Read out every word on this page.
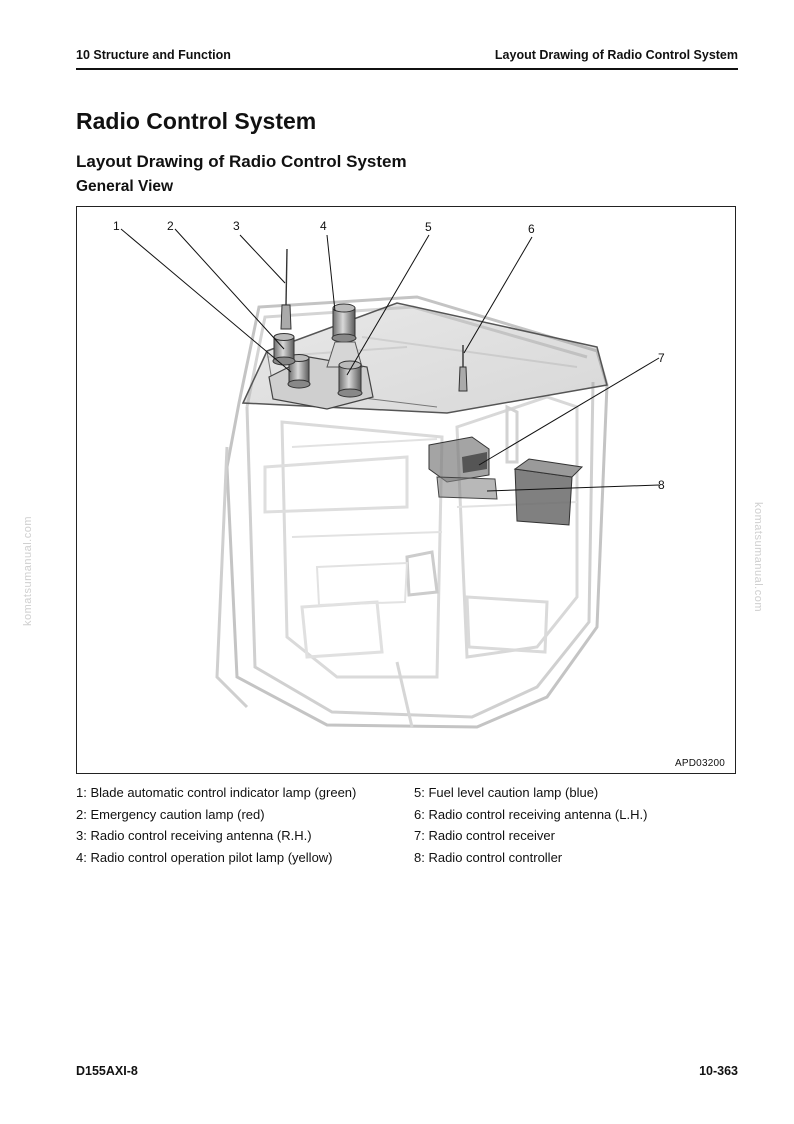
10 Structure and Function	Layout Drawing of Radio Control System
Radio Control System
Layout Drawing of Radio Control System
General View
1	2	3	4	5	6
7
8
APD03200
1: Blade automatic control indicator lamp (green)
2: Emergency caution lamp (red)
3: Radio control receiving antenna (R.H.)
4: Radio control operation pilot lamp (yellow)
5: Fuel level caution lamp (blue)
6: Radio control receiving antenna (L.H.)
7: Radio control receiver
8: Radio control controller
komatsumanual.com	komatsumanual.com
D155AXI-8	10-363
